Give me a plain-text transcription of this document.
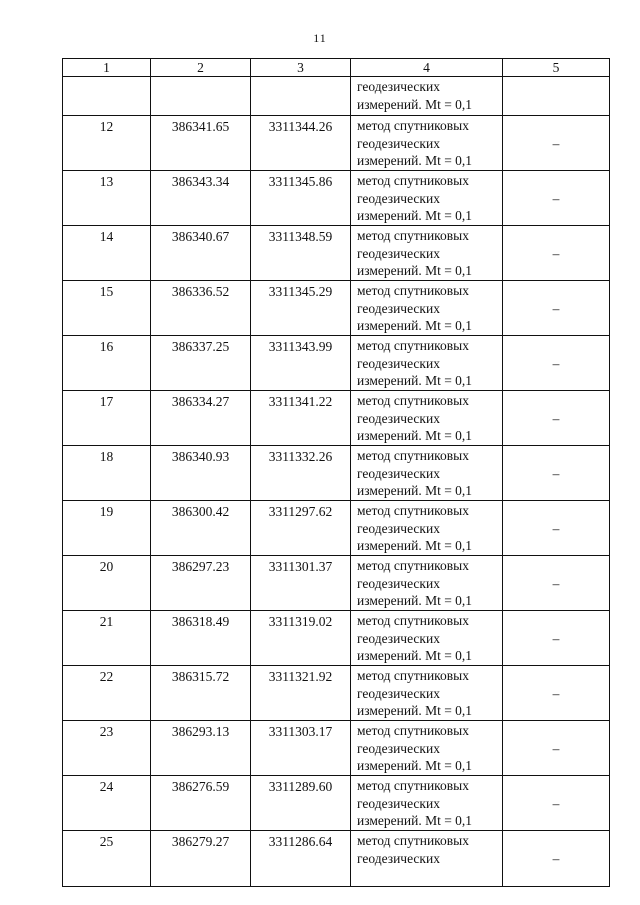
11
1	2	3	4	5
			геодезических измерений. Mt = 0,1	
12	386341.65	3311344.26	метод спутниковых геодезических измерений. Mt = 0,1	–
13	386343.34	3311345.86	метод спутниковых геодезических измерений. Mt = 0,1	–
14	386340.67	3311348.59	метод спутниковых геодезических измерений. Mt = 0,1	–
15	386336.52	3311345.29	метод спутниковых геодезических измерений. Mt = 0,1	–
16	386337.25	3311343.99	метод спутниковых геодезических измерений. Mt = 0,1	–
17	386334.27	3311341.22	метод спутниковых геодезических измерений. Mt = 0,1	–
18	386340.93	3311332.26	метод спутниковых геодезических измерений. Mt = 0,1	–
19	386300.42	3311297.62	метод спутниковых геодезических измерений. Mt = 0,1	–
20	386297.23	3311301.37	метод спутниковых геодезических измерений. Mt = 0,1	–
21	386318.49	3311319.02	метод спутниковых геодезических измерений. Mt = 0,1	–
22	386315.72	3311321.92	метод спутниковых геодезических измерений. Mt = 0,1	–
23	386293.13	3311303.17	метод спутниковых геодезических измерений. Mt = 0,1	–
24	386276.59	3311289.60	метод спутниковых геодезических измерений. Mt = 0,1	–
25	386279.27	3311286.64	метод спутниковых геодезических	–
